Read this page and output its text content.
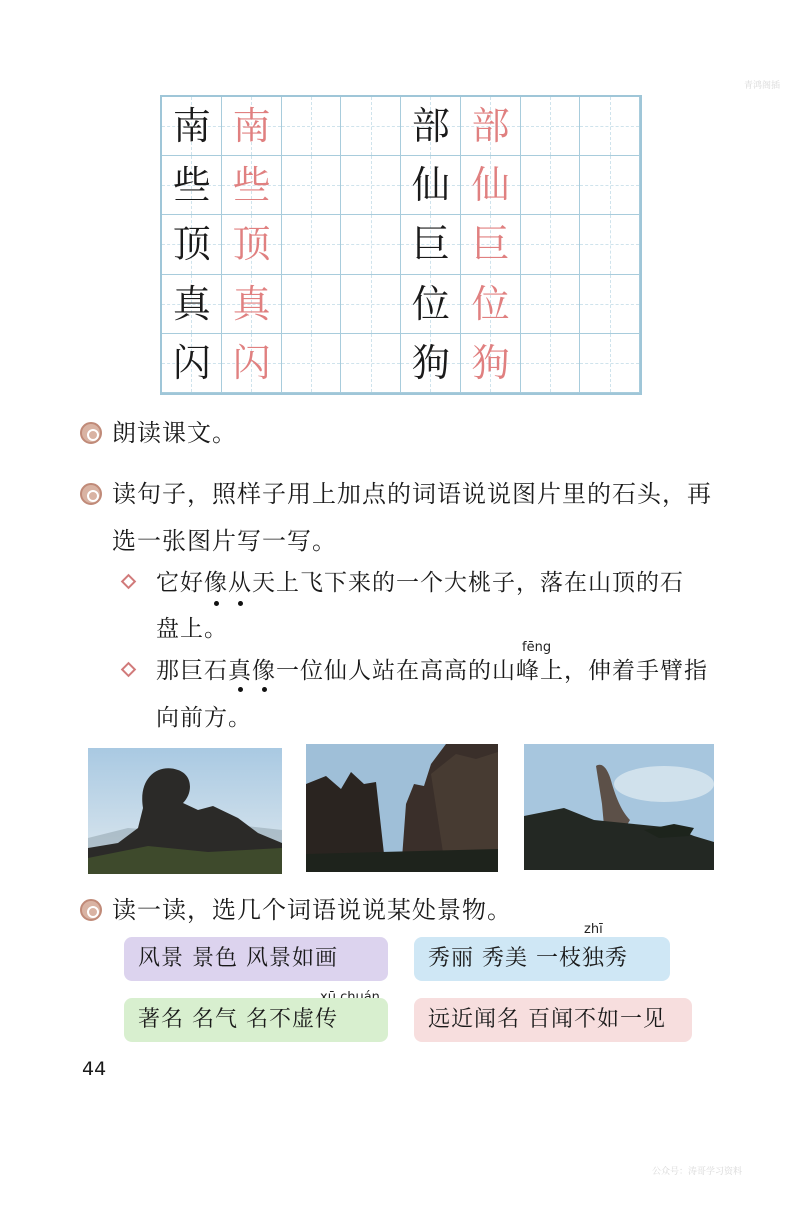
青鸿阁插
南 南	部 部
些 些	仙 仙
顶 顶	巨 巨
真 真	位 位
闪 闪	狗 狗
朗读课文。
读句子，照样子用上加点的词语说说图片里的石头，再
选一张图片写一写。
它好像从天上飞下来的一个大桃子，落在山顶的石
盘上。
fēng
那巨石真像一位仙人站在高高的山峰上，伸着手臂指
向前方。
读一读，选几个词语说说某处景物。
风景 景色 风景如画
zhī
秀丽 秀美 一枝独秀
著名 名气 名不虚传	远近闻名 百闻不如一见
44
公众号：涛哥学习资料
